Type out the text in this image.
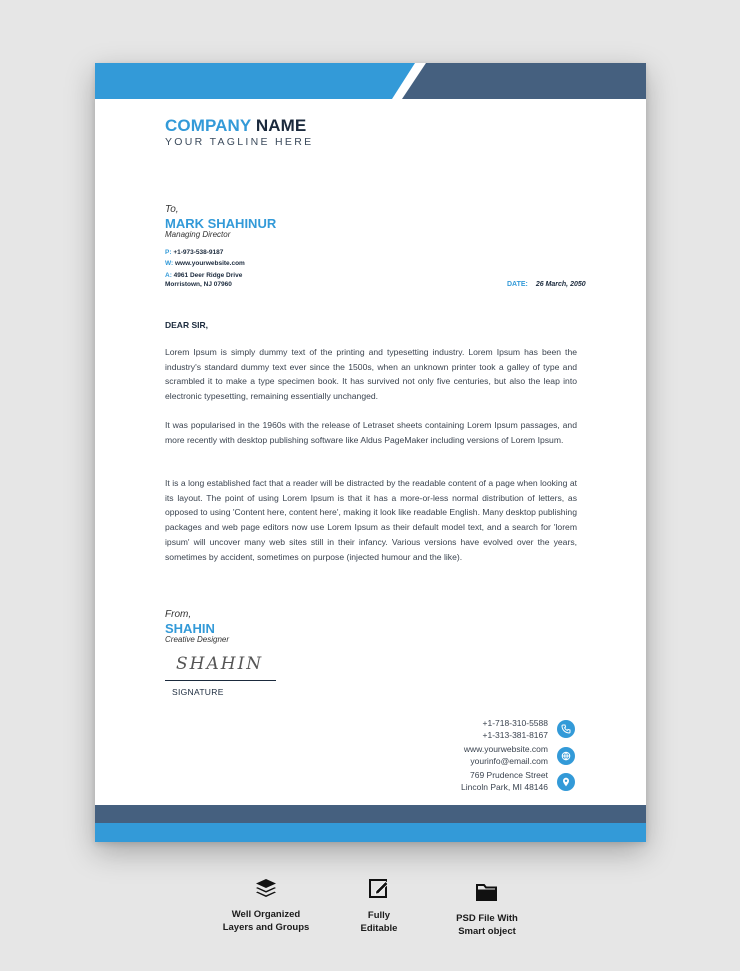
COMPANY NAME
YOUR TAGLINE HERE
To,
MARK SHAHINUR
Managing Director
P: +1-973-538-9187
W: www.yourwebsite.com
A: 4961 Deer Ridge Drive
Morristown, NJ 07960	DATE: 26 March, 2050
DEAR SIR,
Lorem Ipsum is simply dummy text of the printing and typesetting industry. Lorem Ipsum has been the industry's standard dummy text ever since the 1500s, when an unknown printer took a galley of type and scrambled it to make a type specimen book. It has survived not only five centuries, but also the leap into electronic typesetting, remaining essentially unchanged.
It was popularised in the 1960s with the release of Letraset sheets containing Lorem Ipsum passages, and more recently with desktop publishing software like Aldus PageMaker including versions of Lorem Ipsum.
It is a long established fact that a reader will be distracted by the readable content of a page when looking at its layout. The point of using Lorem Ipsum is that it has a more-or-less normal distribution of letters, as opposed to using 'Content here, content here', making it look like readable English. Many desktop publishing packages and web page editors now use Lorem Ipsum as their default model text, and a search for 'lorem ipsum' will uncover many web sites still in their infancy. Various versions have evolved over the years, sometimes by accident, sometimes on purpose (injected humour and the like).
From,
SHAHIN
Creative Designer
SHAHIN
SIGNATURE
+1-718-310-5588
+1-313-381-8167
www.yourwebsite.com
yourinfo@email.com
769 Prudence Street
Lincoln Park, MI 48146
Well Organized
Layers and Groups
Fully
Editable
PSD File With
Smart object
